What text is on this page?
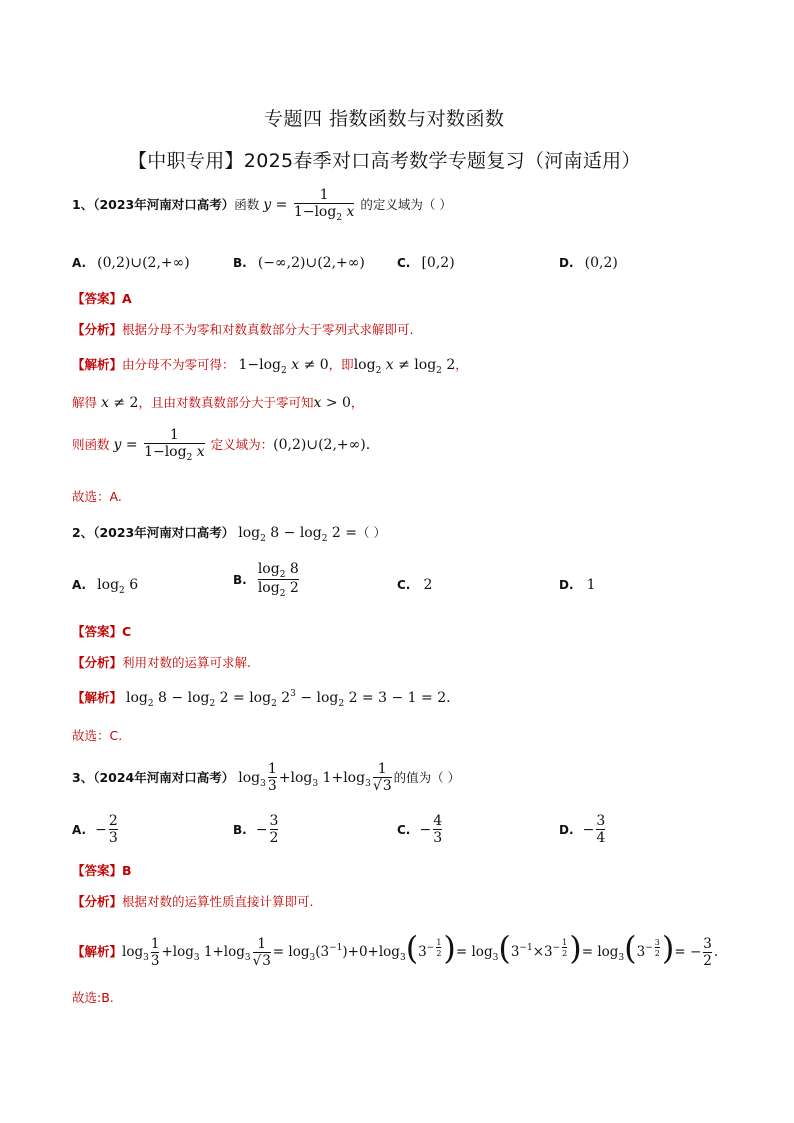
专题四 指数函数与对数函数
【中职专用】2025春季对口高考数学专题复习（河南适用）
1、（2023年河南对口高考）函数 $y = \frac{1}{1-\log_2 x}$ 的定义域为（ ）
A. (0,2)∪(2,+∞)	B. (−∞,2)∪(2,+∞)	C. [0,2)	D. (0,2)
【答案】A
【分析】根据分母不为零和对数真数部分大于零列式求解即可.
【解析】由分母不为零可得： $1-\log_2$ x ≠ 0，即$\log_2 x \ne \log_2 2$，
解得 x ≠ 2，且由对数真数部分大于零可知x > 0，
则函数 $y = \frac{1}{1-\log_2 x}$ 定义域为：(0,2)∪(2,+∞).
故选：A.
2、（2023年河南对口高考） $\log_2 8 - \log_2 2$ =（ ）
A. $\log_2 6$	B. $\frac{\log_2 8}{\log_2 2}$	C. 2	D. 1
【答案】C
【分析】利用对数的运算可求解.
【解析】 $\log_2 8 - \log_2 2 = \log_2 2^3 - \log_2 2 = 3 - 1 = 2$.
故选：C.
3、（2024年河南对口高考） $\log_3 \frac{1}{3} +\log_3$ $1+\log_3 \frac{1}{√3}$ 的值为（ ）
A. − $\frac{2}{3}$	B. − $\frac{3}{2}$	C. − $\frac{4}{3}$	D. − $\frac{3}{4}$
【答案】B
【分析】根据对数的运算性质直接计算即可.
【解析】$\log_3 \frac{1}{3} +\log_3$ $1+\log_3 \frac{1}{√3} = \log_3(3^{-1})+0+\log_3(3^{- \frac{1}{2}}$ )= $\log_3(3^{-1}\times 3^{- \frac{1}{2}}$ )= $\log_3(3^{- \frac{3}{2}}$ )= − $\frac{3}{2}$ .
故选:B.
